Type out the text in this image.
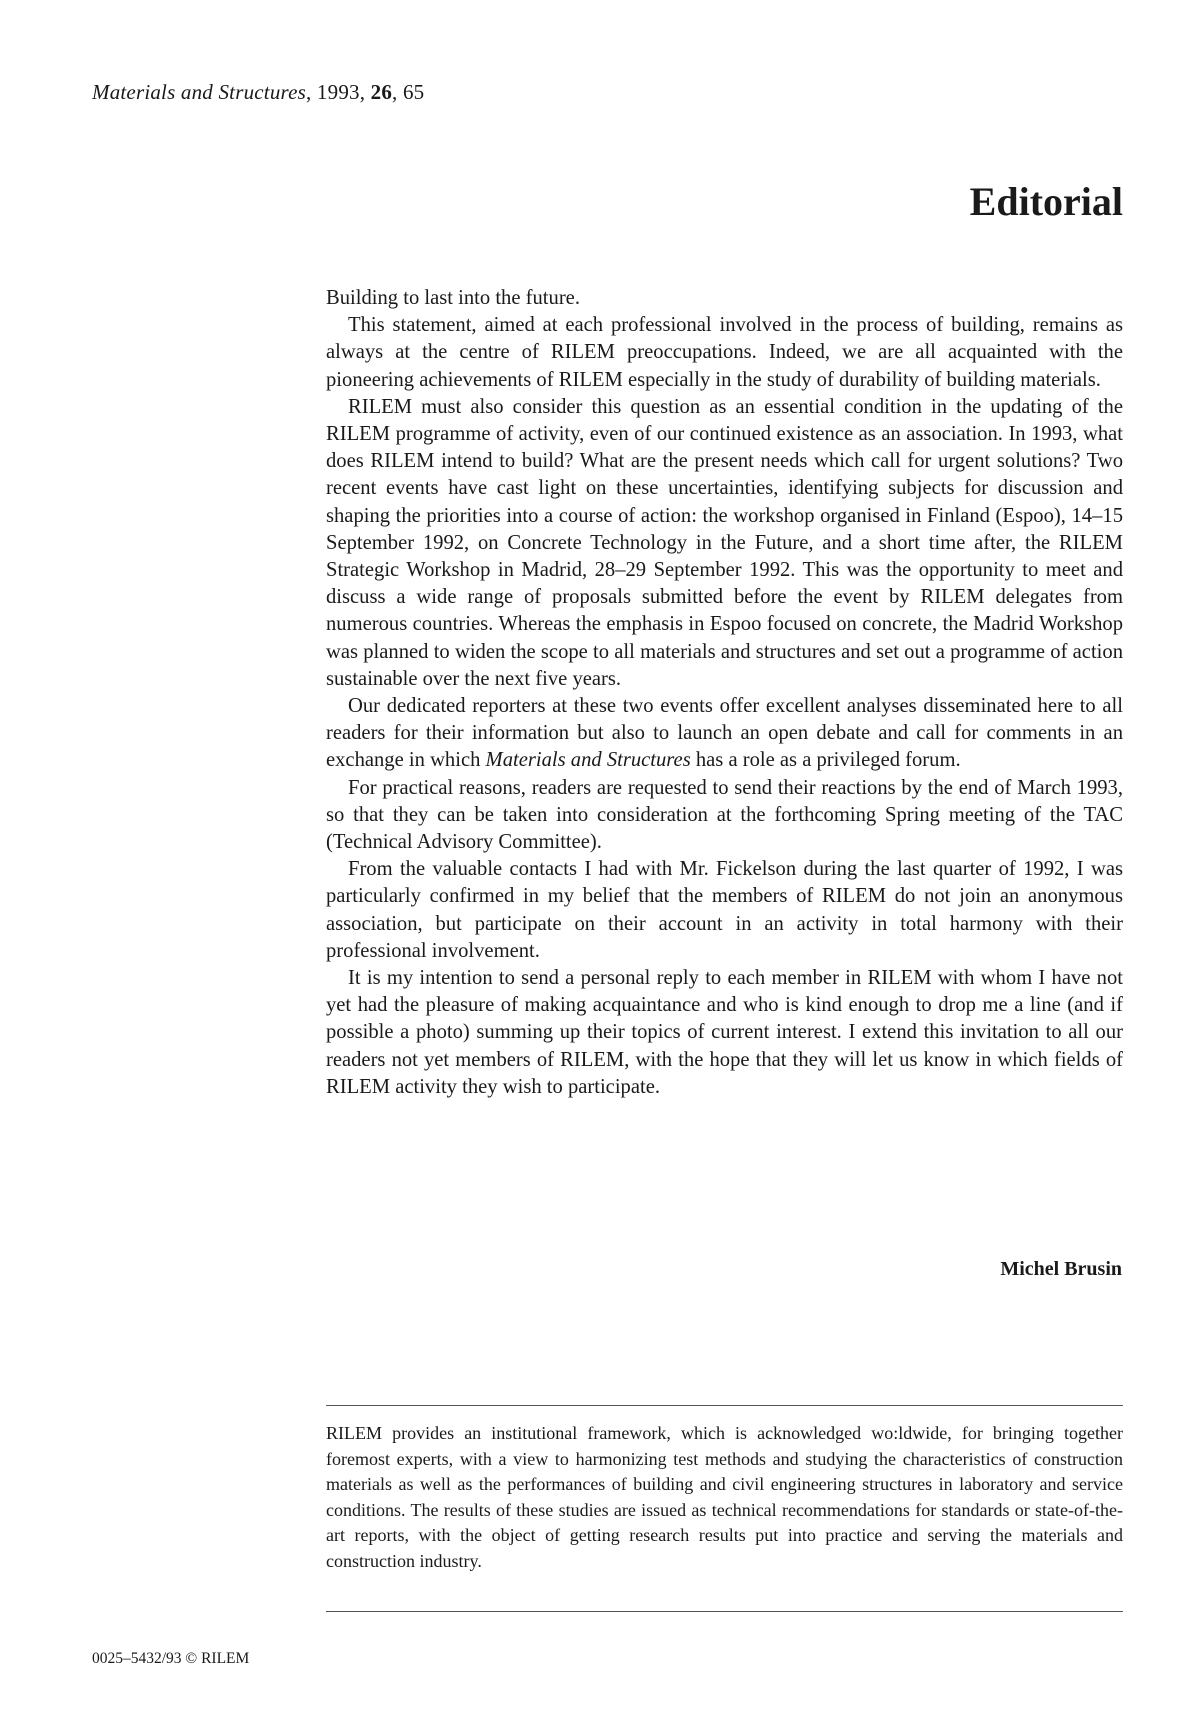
Materials and Structures, 1993, 26, 65
Editorial

Building to last into the future.

This statement, aimed at each professional involved in the process of building, remains as always at the centre of RILEM preoccupations. Indeed, we are all acquainted with the pioneering achievements of RILEM especially in the study of durability of building materials.

RILEM must also consider this question as an essential condition in the updating of the RILEM programme of activity, even of our continued existence as an association. In 1993, what does RILEM intend to build? What are the present needs which call for urgent solutions? Two recent events have cast light on these uncertainties, identifying subjects for discussion and shaping the priorities into a course of action: the workshop organised in Finland (Espoo), 14–15 September 1992, on Concrete Technology in the Future, and a short time after, the RILEM Strategic Workshop in Madrid, 28–29 September 1992. This was the opportunity to meet and discuss a wide range of proposals submitted before the event by RILEM delegates from numerous countries. Whereas the emphasis in Espoo focused on concrete, the Madrid Workshop was planned to widen the scope to all materials and structures and set out a programme of action sustainable over the next five years.

Our dedicated reporters at these two events offer excellent analyses disseminated here to all readers for their information but also to launch an open debate and call for comments in an exchange in which Materials and Structures has a role as a privileged forum.

For practical reasons, readers are requested to send their reactions by the end of March 1993, so that they can be taken into consideration at the forthcoming Spring meeting of the TAC (Technical Advisory Committee).

From the valuable contacts I had with Mr. Fickelson during the last quarter of 1992, I was particularly confirmed in my belief that the members of RILEM do not join an anonymous association, but participate on their account in an activity in total harmony with their professional involvement.

It is my intention to send a personal reply to each member in RILEM with whom I have not yet had the pleasure of making acquaintance and who is kind enough to drop me a line (and if possible a photo) summing up their topics of current interest. I extend this invitation to all our readers not yet members of RILEM, with the hope that they will let us know in which fields of RILEM activity they wish to participate.

Michel Brusin

RILEM provides an institutional framework, which is acknowledged wo:ldwide, for bringing together foremost experts, with a view to harmonizing test methods and studying the characteristics of construction materials as well as the performances of building and civil engineering structures in laboratory and service conditions. The results of these studies are issued as technical recommendations for standards or state-of-the-art reports, with the object of getting research results put into practice and serving the materials and construction industry.

0025–5432/93 © RILEM
